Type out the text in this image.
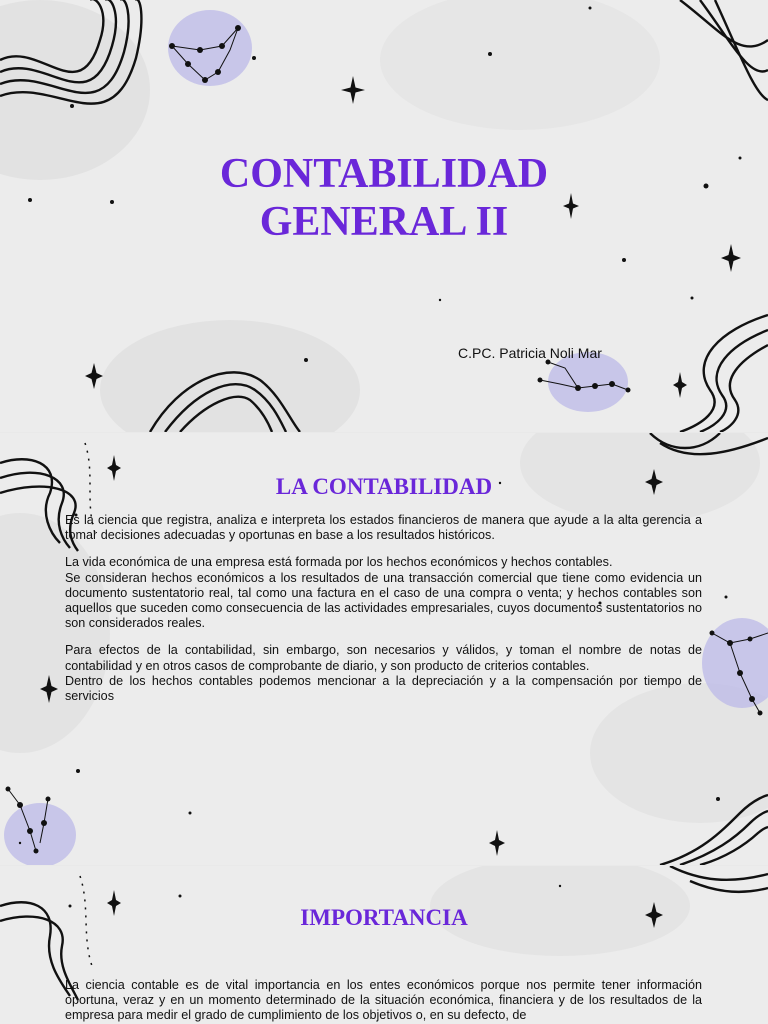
CONTABILIDAD
GENERAL II
C.PC. Patricia Noli Mar
LA CONTABILIDAD

Es la ciencia que registra, analiza e interpreta los estados financieros de manera que ayude a la alta gerencia a tomar decisiones adecuadas y oportunas en base a los resultados históricos.

La vida económica de una empresa está formada por los hechos económicos y hechos contables.

Se consideran hechos económicos a los resultados de una transacción comercial que tiene como evidencia un documento sustentatorio real, tal como una factura en el caso de una compra o venta; y hechos contables son aquellos que suceden como consecuencia de las actividades empresariales, cuyos documentos sustentatorios no son considerados reales.

Para efectos de la contabilidad, sin embargo, son necesarios y válidos, y toman el nombre de notas de contabilidad y en otros casos de comprobante de diario, y son producto de criterios contables.

Dentro de los hechos contables podemos mencionar a la depreciación y a la compensación por tiempo de servicios

IMPORTANCIA

La ciencia contable es de vital importancia en los entes económicos porque nos permite tener información oportuna, veraz y en un momento determinado de la situación económica, financiera y de los resultados de la empresa para medir el grado de cumplimiento de los objetivos o, en su defecto, de
